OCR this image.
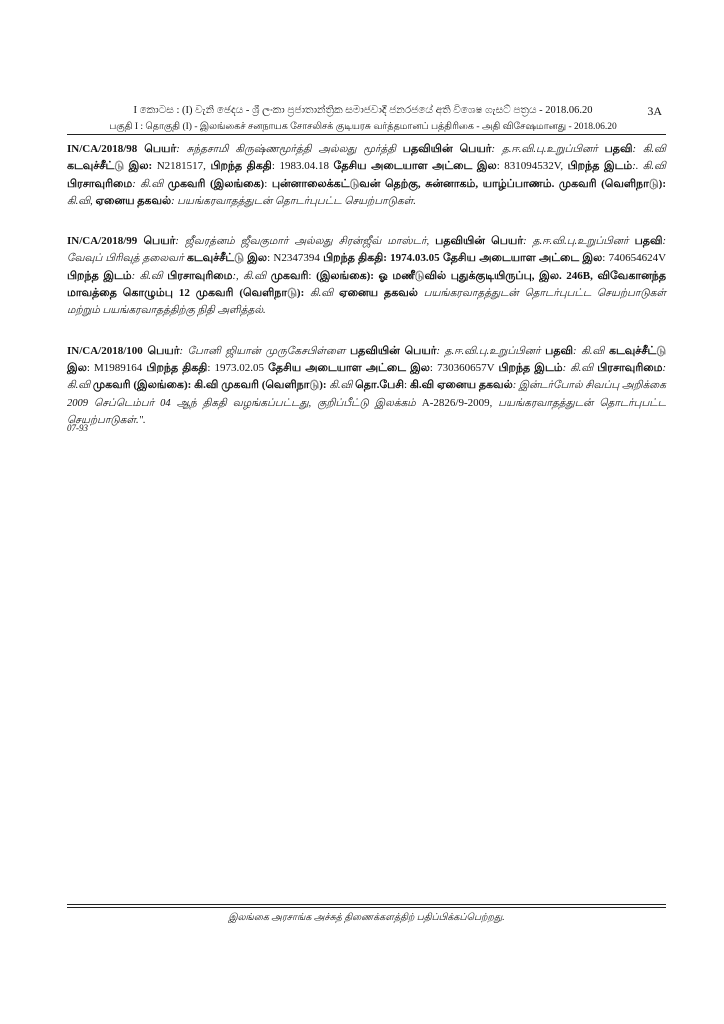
I කොටස : (I) වැනි ඡෙදය - ශ්‍රී ලංකා ප්‍රජාතාන්ත්‍රික සමාජවාදී ජනරජයේ අති විශෙෂ ගැසට් පත්‍රය - 2018.06.20
பகுதி I : தொகுதி (I) - இலங்கைச் சனநாயக சோசலிசக் குடியரசு வர்த்தமானப் பத்திரிகை - அதி விசேஷமானது - 2018.06.20
3A

IN/CA/2018/98 பெயர்: சுந்தசாமி கிருஷ்ணமூர்த்தி அல்லது மூர்த்தி பதவியின் பெயர்: த.ஈ.வி.பு.உறுப்பினர் பதவி: கி.வி கடவுச்சீட்டு இல: N2181517, பிறந்த திகதி: 1983.04.18 தேசிய அடையாள அட்டை இல: 831094532V, பிறந்த இடம்:. கி.வி பிரசாவுரிமை: கி.வி முகவரி (இலங்கை): புன்னாலைக்கட்டுவன் தெற்கு, சுன்னாகம், யாழ்ப்பாணம். முகவரி (வெளிநாடு): கி.வி, ஏனைய தகவல்: பயங்கரவாதத்துடன் தொடர்புபட்ட செயற்பாடுகள்.

IN/CA/2018/99 பெயர்: ஜீவரத்னம் ஜீவகுமார் அல்லது சிரன்ஜீவ் மாஸ்டர், பதவியின் பெயர்: த.ஈ.வி.பு.உறுப்பினர் பதவி: வேவுப் பிரிவுத் தலைவர் கடவுச்சீட்டு இல: N2347394 பிறந்த திகதி: 1974.03.05 தேசிய அடையாள அட்டை இல: 740654624V பிறந்த இடம்: கி.வி பிரசாவுரிமை:, கி.வி முகவரி: (இலங்கை): ஓ மணீடுவில் புதுக்குடியிருப்பு, இல. 246B, விவேகானந்த மாவத்தை கொழும்பு 12 முகவரி (வெளிநாடு): கி.வி ஏனைய தகவல் பயங்கரவாதத்துடன் தொடர்புபட்ட செயற்பாடுகள் மற்றும் பயங்கரவாதத்திற்கு நிதி அளித்தல்.

IN/CA/2018/100 பெயர்: போனி ஜியான் முருகேசபிள்ளை பதவியின் பெயர்: த.ஈ.வி.பு.உறுப்பினர் பதவி: கி.வி கடவுச்சீட்டு இல: M1989164 பிறந்த திகதி: 1973.02.05 தேசிய அடையாள அட்டை இல: 730360657V பிறந்த இடம்: கி.வி பிரசாவுரிமை: கி.வி முகவரி (இலங்கை): கி.வி முகவரி (வெளிநாடு): கி.வி தொ.பேசி: கி.வி ஏனைய தகவல்: இன்டர்போல் சிவப்பு அறிக்கை 2009 செப்டெம்பர் 04 ஆந் திகதி வழங்கப்பட்டது, குறிப்பீட்டு இலக்கம் A-2826/9-2009, பயங்கரவாதத்துடன் தொடர்புபட்ட செயற்பாடுகள்.".

07-93
இலங்கை அரசாங்க அச்சுத் திணைக்களத்திற் பதிப்பிக்கப்பெற்றது.
